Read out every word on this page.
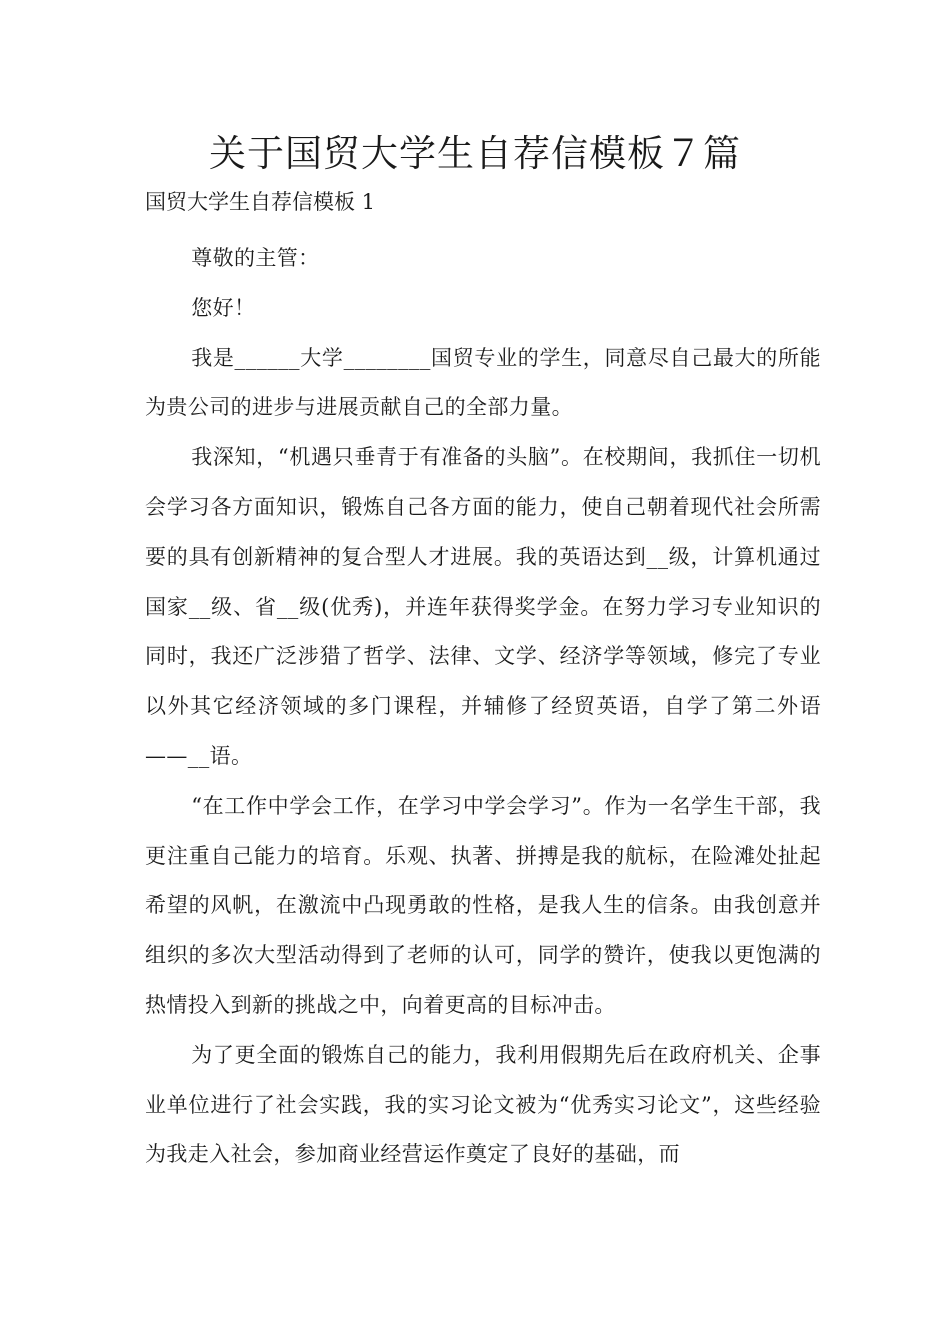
关于国贸大学生自荐信模板７篇
国贸大学生自荐信模板 1

尊敬的主管：

您好！

我是______大学________国贸专业的学生，同意尽自己最大的所能为贵公司的进步与进展贡献自己的全部力量。

我深知，“机遇只垂青于有准备的头脑”。在校期间，我抓住一切机会学习各方面知识，锻炼自己各方面的能力，使自己朝着现代社会所需要的具有创新精神的复合型人才进展。我的英语达到__级，计算机通过国家__级、省__级(优秀)，并连年获得奖学金。在努力学习专业知识的同时，我还广泛涉猎了哲学、法律、文学、经济学等领域，修完了专业以外其它经济领域的多门课程，并辅修了经贸英语，自学了第二外语——__语。

“在工作中学会工作，在学习中学会学习”。作为一名学生干部，我更注重自己能力的培育。乐观、执著、拼搏是我的航标，在险滩处扯起希望的风帆，在激流中凸现勇敢的性格，是我人生的信条。由我创意并组织的多次大型活动得到了老师的认可，同学的赞许，使我以更饱满的热情投入到新的挑战之中，向着更高的目标冲击。

为了更全面的锻炼自己的能力，我利用假期先后在政府机关、企事业单位进行了社会实践，我的实习论文被为“优秀实习论文”，这些经验为我走入社会，参加商业经营运作奠定了良好的基础，而
